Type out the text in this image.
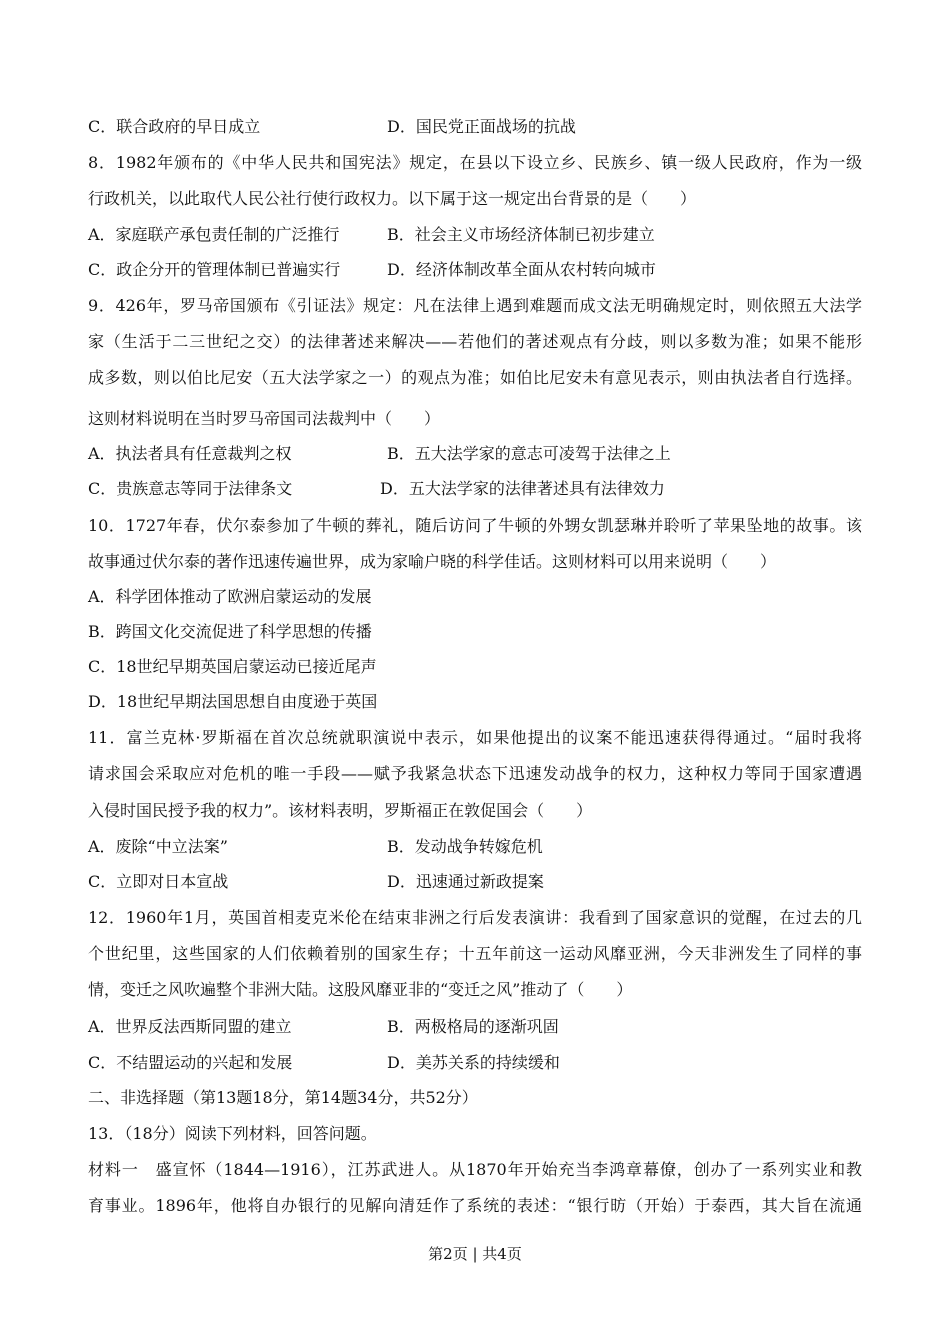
C．联合政府的早日成立	D．国民党正面战场的抗战
8．1982年颁布的《中华人民共和国宪法》规定，在县以下设立乡、民族乡、镇一级人民政府，作为一级
行政机关，以此取代人民公社行使行政权力。以下属于这一规定出台背景的是（　　）
A．家庭联产承包责任制的广泛推行	B．社会主义市场经济体制已初步建立
C．政企分开的管理体制已普遍实行	D．经济体制改革全面从农村转向城市
9．426年，罗马帝国颁布《引证法》规定：凡在法律上遇到难题而成文法无明确规定时，则依照五大法学
家（生活于二三世纪之交）的法律著述来解决——若他们的著述观点有分歧，则以多数为准；如果不能形
成多数，则以伯比尼安（五大法学家之一）的观点为准；如伯比尼安未有意见表示，则由执法者自行选择。
这则材料说明在当时罗马帝国司法裁判中（　　）
A．执法者具有任意裁判之权	B．五大法学家的意志可凌驾于法律之上
C．贵族意志等同于法律条文	D．五大法学家的法律著述具有法律效力
10．1727年春，伏尔泰参加了牛顿的葬礼，随后访问了牛顿的外甥女凯瑟琳并聆听了苹果坠地的故事。该
故事通过伏尔泰的著作迅速传遍世界，成为家喻户晓的科学佳话。这则材料可以用来说明（　　）
A．科学团体推动了欧洲启蒙运动的发展
B．跨国文化交流促进了科学思想的传播
C．18世纪早期英国启蒙运动已接近尾声
D．18世纪早期法国思想自由度逊于英国
11．富兰克林·罗斯福在首次总统就职演说中表示，如果他提出的议案不能迅速获得得通过。“届时我将
请求国会采取应对危机的唯一手段——赋予我紧急状态下迅速发动战争的权力，这种权力等同于国家遭遇
入侵时国民授予我的权力”。该材料表明，罗斯福正在敦促国会（　　）
A．废除“中立法案”	B．发动战争转嫁危机
C．立即对日本宣战	D．迅速通过新政提案
12．1960年1月，英国首相麦克米伦在结束非洲之行后发表演讲：我看到了国家意识的觉醒，在过去的几
个世纪里，这些国家的人们依赖着别的国家生存；十五年前这一运动风靡亚洲，今天非洲发生了同样的事
情，变迁之风吹遍整个非洲大陆。这股风靡亚非的“变迁之风”推动了（　　）
A．世界反法西斯同盟的建立	B．两极格局的逐渐巩固
C．不结盟运动的兴起和发展	D．美苏关系的持续缓和
二、非选择题（第13题18分，第14题34分，共52分）
13．（18分）阅读下列材料，回答问题。
材料一　盛宣怀（1844—1916），江苏武进人。从1870年开始充当李鸿章幕僚，创办了一系列实业和教
育事业。1896年，他将自办银行的见解向清廷作了系统的表述：“银行昉（开始）于泰西，其大旨在流通
第2页 | 共4页
